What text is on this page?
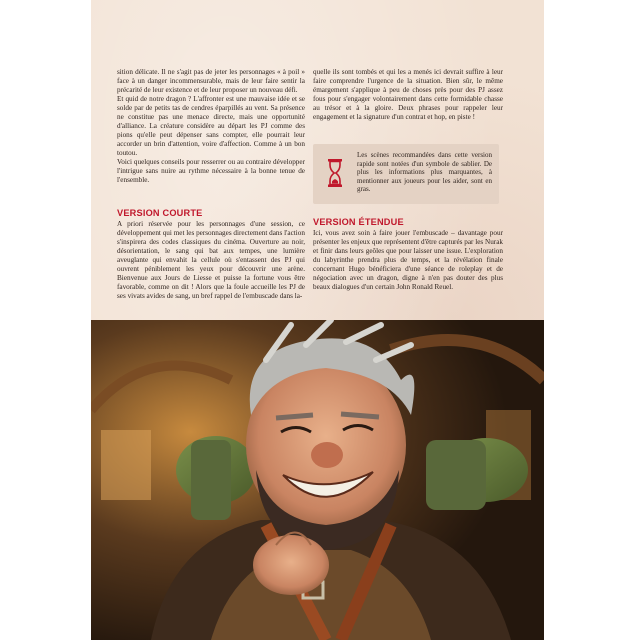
sition délicate. Il ne s'agit pas de jeter les personnages « à poil » face à un danger incommensurable, mais de leur faire sentir la précarité de leur existence et de leur proposer un nouveau défi.

Et quid de notre dragon ? L'affronter est une mauvaise idée et se solde par de petits tas de cendres éparpillés au vent. Sa présence ne constitue pas une menace directe, mais une opportunité d'alliance. La créature considère au départ les PJ comme des pions qu'elle peut dépenser sans compter, elle pourrait leur accorder un brin d'attention, voire d'affection. Comme à un bon toutou.

Voici quelques conseils pour resserrer ou au contraire développer l'intrigue sans nuire au rythme nécessaire à la bonne tenue de l'ensemble.

VERSION COURTE

A priori réservée pour les personnages d'une session, ce développement qui met les personnages directement dans l'action s'inspirera des codes classiques du cinéma. Ouverture au noir, désorientation, le sang qui bat aux tempes, une lumière aveuglante qui envahit la cellule où s'entassent des PJ qui ouvrent péniblement les yeux pour découvrir une arène. Bienvenue aux Jours de Liesse et puisse la fortune vous être favorable, comme on dit ! Alors que la foule accueille les PJ de ses vivats avides de sang, un bref rappel de l'embuscade dans la-

quelle ils sont tombés et qui les a menés ici devrait suffire à leur faire comprendre l'urgence de la situation. Bien sûr, le même émargement s'applique à peu de choses près pour des PJ assez fous pour s'engager volontairement dans cette formidable chasse au trésor et à la gloire. Deux phrases pour rappeler leur engagement et la signature d'un contrat et hop, en piste !

Les scènes recommandées dans cette version rapide sont notées d'un symbole de sablier. De plus les informations plus marquantes, à mentionner aux joueurs pour les aider, sont en gras.
VERSION ÉTENDUE

Ici, vous avez soin à faire jouer l'embuscade – davantage pour présenter les enjeux que représentent d'être capturés par les Nurak et finir dans leurs geôles que pour laisser une issue. L'exploration du labyrinthe prendra plus de temps, et la révélation finale concernant Hugo bénéficiera d'une séance de roleplay et de négociation avec un dragon, digne à n'en pas douter des plus beaux dialogues d'un certain John Ronald Reuel.
